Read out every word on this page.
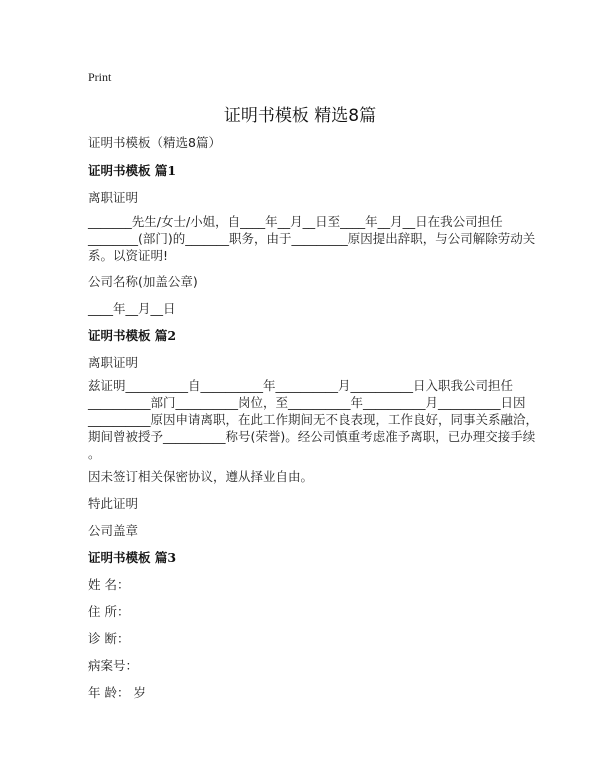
Print
证明书模板 精选8篇
证明书模板（精选8篇）
证明书模板 篇1
离职证明
_______先生/女士/小姐，自____年__月__日至____年__月__日在我公司担任
________(部门)的_______职务，由于_________原因提出辞职，与公司解除劳动关
系。以资证明!
公司名称(加盖公章)
____年__月__日
证明书模板 篇2
离职证明
兹证明__________自__________年__________月__________日入职我公司担任
__________部门__________岗位，至__________年__________月__________日因
__________原因申请离职，在此工作期间无不良表现，工作良好，同事关系融洽，
期间曾被授予__________称号(荣誉)。经公司慎重考虑准予离职，已办理交接手续
。
因未签订相关保密协议，遵从择业自由。
特此证明
公司盖章
证明书模板 篇3
姓 名：
住 所：
诊 断：
病案号：
年 龄： 岁
